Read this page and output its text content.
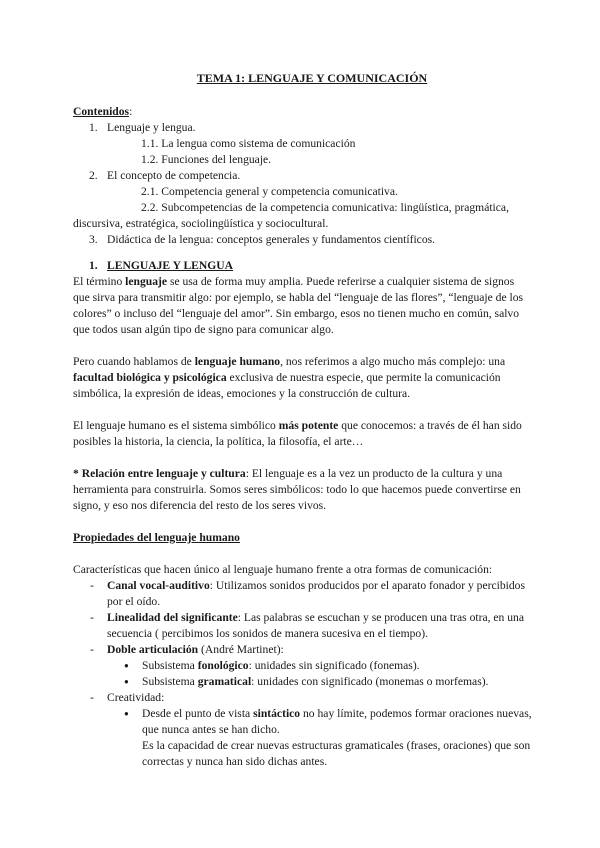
TEMA 1: LENGUAJE Y COMUNICACIÓN
Contenidos:
1. Lenguaje y lengua.
1.1. La lengua como sistema de comunicación
1.2. Funciones del lenguaje.
2. El concepto de competencia.
2.1. Competencia general y competencia comunicativa.
2.2. Subcompetencias de la competencia comunicativa: lingüística, pragmática,
discursiva, estratégica, sociolingüística y sociocultural.
3. Didáctica de la lengua: conceptos generales y fundamentos científicos.
1. LENGUAJE Y LENGUA

El término lenguaje se usa de forma muy amplia. Puede referirse a cualquier sistema de signos que sirva para transmitir algo: por ejemplo, se habla del “lenguaje de las flores”, “lenguaje de los colores” o incluso del “lenguaje del amor”. Sin embargo, esos no tienen mucho en común, salvo que todos usan algún tipo de signo para comunicar algo.

Pero cuando hablamos de lenguaje humano, nos referimos a algo mucho más complejo: una facultad biológica y psicológica exclusiva de nuestra especie, que permite la comunicación simbólica, la expresión de ideas, emociones y la construcción de cultura.

El lenguaje humano es el sistema simbólico más potente que conocemos: a través de él han sido posibles la historia, la ciencia, la política, la filosofía, el arte…

* Relación entre lenguaje y cultura: El lenguaje es a la vez un producto de la cultura y una herramienta para construirla. Somos seres simbólicos: todo lo que hacemos puede convertirse en signo, y eso nos diferencia del resto de los seres vivos.

Propiedades del lenguaje humano

Características que hacen único al lenguaje humano frente a otra formas de comunicación:

-	Canal vocal-auditivo: Utilizamos sonidos producidos por el aparato fonador y percibidos por el oído.
-	Linealidad del significante: Las palabras se escuchan y se producen una tras otra, en una secuencia ( percibimos los sonidos de manera sucesiva en el tiempo).
-	Doble articulación (André Martinet):
●	Subsistema fonológico: unidades sin significado (fonemas).
●	Subsistema gramatical: unidades con significado (monemas o morfemas).
-	Creatividad:
●	Desde el punto de vista sintáctico no hay límite, podemos formar oraciones nuevas, que nunca antes se han dicho.
Es la capacidad de crear nuevas estructuras gramaticales (frases, oraciones) que son correctas y nunca han sido dichas antes.
